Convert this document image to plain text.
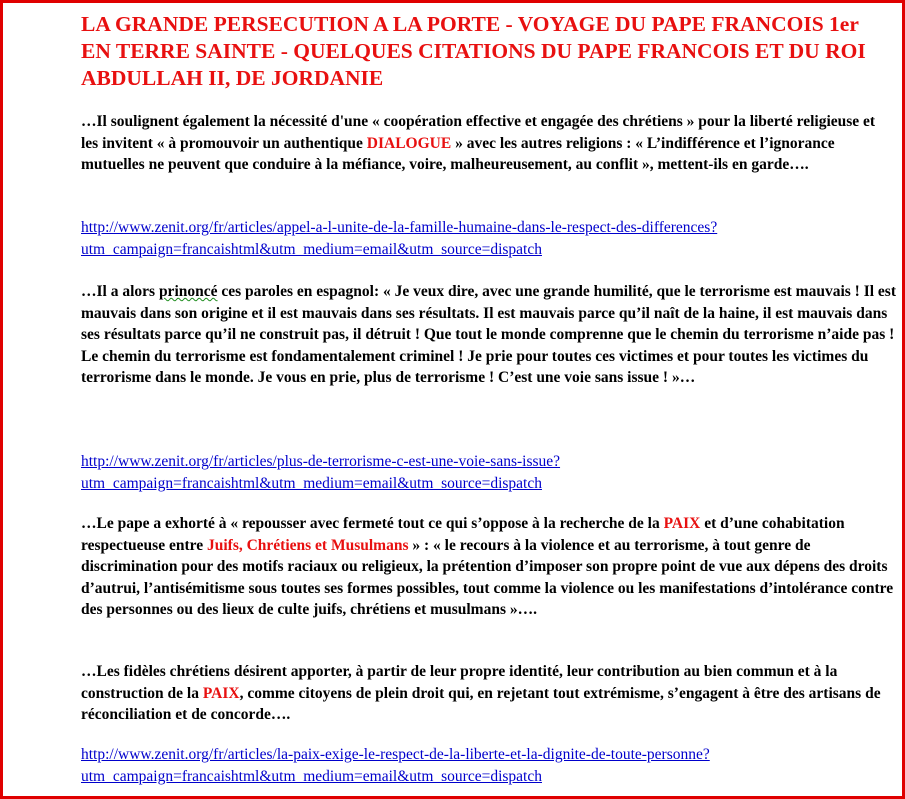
LA GRANDE PERSECUTION A LA PORTE - VOYAGE DU PAPE FRANCOIS 1er EN TERRE SAINTE - QUELQUES CITATIONS DU PAPE FRANCOIS ET DU ROI ABDULLAH II, DE JORDANIE

…Il soulignent également la nécessité d'une « coopération effective et engagée des chrétiens » pour la liberté religieuse et les invitent « à promouvoir un authentique DIALOGUE » avec les autres religions : « L’indifférence et l’ignorance mutuelles ne peuvent que conduire à la méfiance, voire, malheureusement, au conflit », mettent-ils en garde….

http://www.zenit.org/fr/articles/appel-a-l-unite-de-la-famille-humaine-dans-le-respect-des-differences?utm_campaign=francaishtml&utm_medium=email&utm_source=dispatch

…Il a alors prinoncé ces paroles en espagnol: « Je veux dire, avec une grande humilité, que le terrorisme est mauvais ! Il est mauvais dans son origine et il est mauvais dans ses résultats. Il est mauvais parce qu’il naît de la haine, il est mauvais dans ses résultats parce qu’il ne construit pas, il détruit ! Que tout le monde comprenne que le chemin du terrorisme n’aide pas ! Le chemin du terrorisme est fondamentalement criminel ! Je prie pour toutes ces victimes et pour toutes les victimes du terrorisme dans le monde. Je vous en prie, plus de terrorisme ! C’est une voie sans issue ! »…

http://www.zenit.org/fr/articles/plus-de-terrorisme-c-est-une-voie-sans-issue?utm_campaign=francaishtml&utm_medium=email&utm_source=dispatch

…Le pape a exhorté à « repousser avec fermeté tout ce qui s’oppose à la recherche de la PAIX et d’une cohabitation respectueuse entre Juifs, Chrétiens et Musulmans » : « le recours à la violence et au terrorisme, à tout genre de discrimination pour des motifs raciaux ou religieux, la prétention d’imposer son propre point de vue aux dépens des droits d’autrui, l’antisémitisme sous toutes ses formes possibles, tout comme la violence ou les manifestations d’intolérance contre des personnes ou des lieux de culte juifs, chrétiens et musulmans »….

…Les fidèles chrétiens désirent apporter, à partir de leur propre identité, leur contribution au bien commun et à la construction de la PAIX, comme citoyens de plein droit qui, en rejetant tout extrémisme, s’engagent à être des artisans de réconciliation et de concorde….

http://www.zenit.org/fr/articles/la-paix-exige-le-respect-de-la-liberte-et-la-dignite-de-toute-personne?utm_campaign=francaishtml&utm_medium=email&utm_source=dispatch
